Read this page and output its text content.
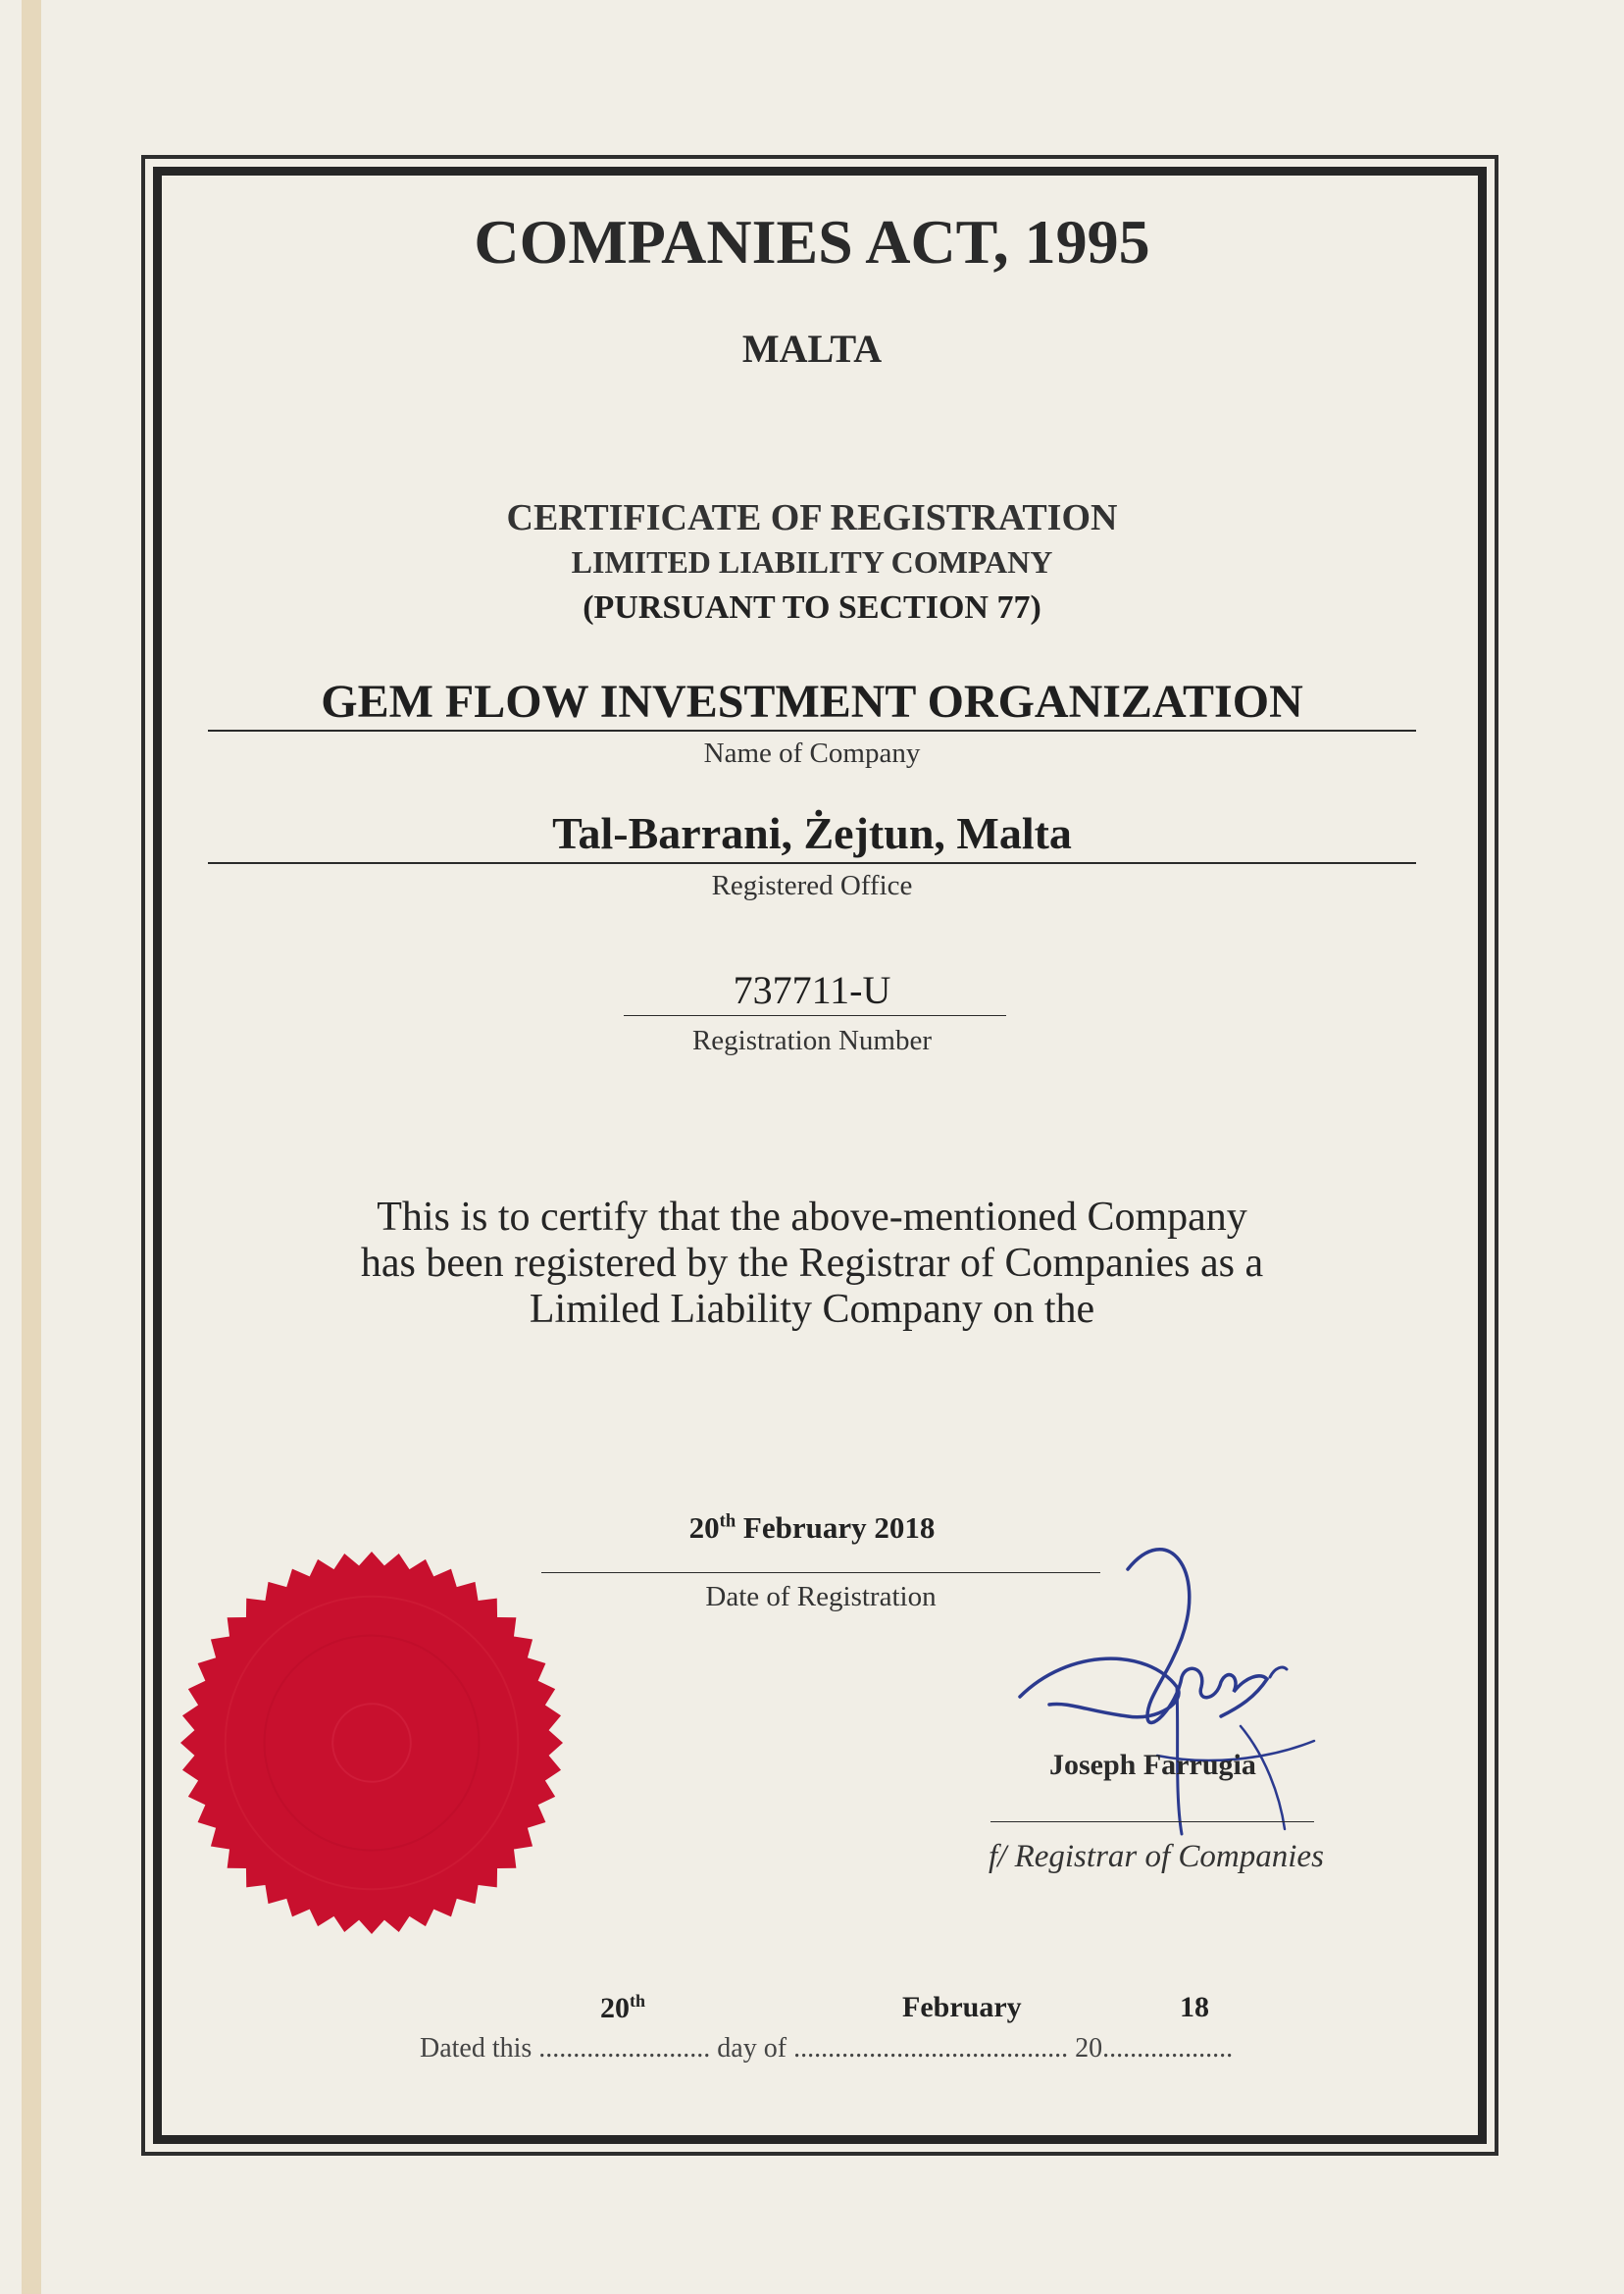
COMPANIES ACT, 1995
MALTA
CERTIFICATE OF REGISTRATION
LIMITED LIABILITY COMPANY
(PURSUANT TO SECTION 77)
GEM FLOW INVESTMENT ORGANIZATION
Name of Company
Tal-Barrani, Żejtun, Malta
Registered Office
737711-U
Registration Number
This is to certify that the above-mentioned Company
has been registered by the Registrar of Companies as a
Limiled Liability Company on the
20th February 2018
Date of Registration
Joseph Farrugia
f/ Registrar of Companies
20th	February	18
Dated this ......................... day of ........................................ 20...................
